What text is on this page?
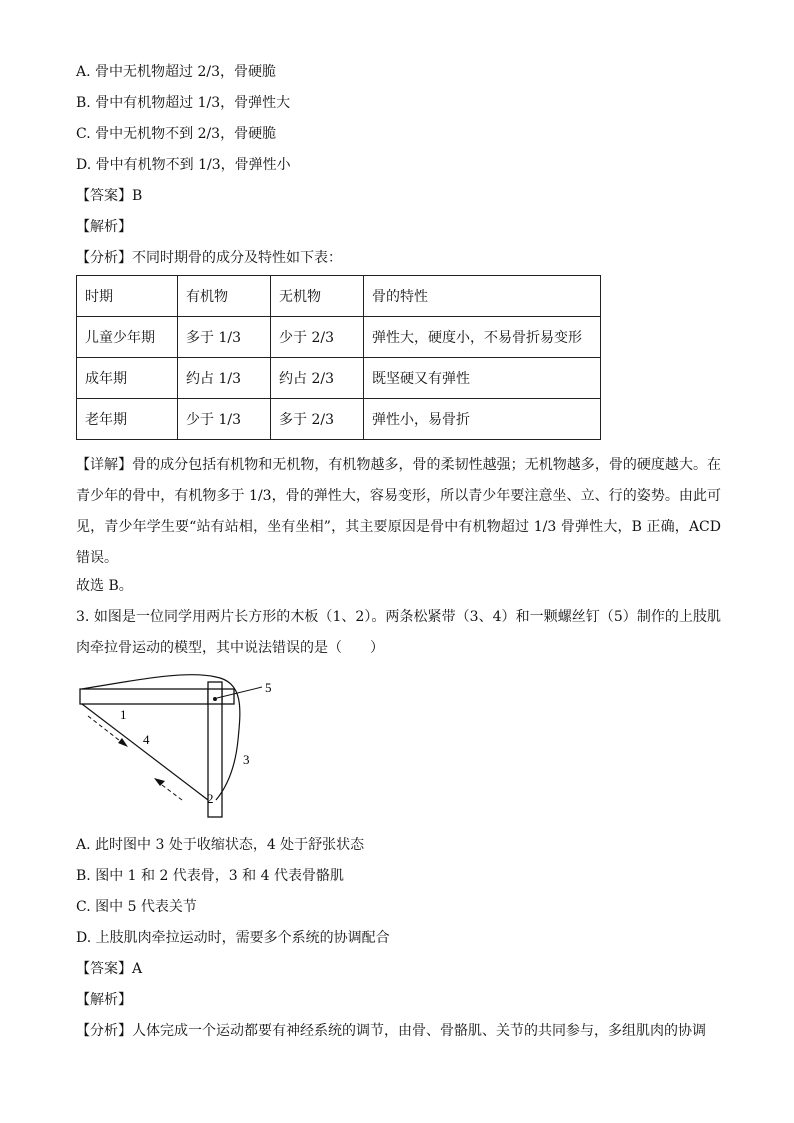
A. 骨中无机物超过 2/3，骨硬脆
B. 骨中有机物超过 1/3，骨弹性大
C. 骨中无机物不到 2/3，骨硬脆
D. 骨中有机物不到 1/3，骨弹性小
【答案】B
【解析】
【分析】不同时期骨的成分及特性如下表：
时期	有机物	无机物	骨的特性
儿童少年期	多于 1/3	少于 2/3	弹性大，硬度小，不易骨折易变形
成年期	约占 1/3	约占 2/3	既坚硬又有弹性
老年期	少于 1/3	多于 2/3	弹性小，易骨折
【详解】骨的成分包括有机物和无机物，有机物越多，骨的柔韧性越强；无机物越多，骨的硬度越大。在青少年的骨中，有机物多于 1/3，骨的弹性大，容易变形，所以青少年要注意坐、立、行的姿势。由此可见，青少年学生要“站有站相，坐有坐相”，其主要原因是骨中有机物超过 1/3 骨弹性大，B 正确，ACD 错误。
故选 B。
3. 如图是一位同学用两片长方形的木板（1、2）。两条松紧带（3、4）和一颗螺丝钉（5）制作的上肢肌肉牵拉骨运动的模型，其中说法错误的是（　　）
1
2
3
4
5
A. 此时图中 3 处于收缩状态，4 处于舒张状态
B. 图中 1 和 2 代表骨，3 和 4 代表骨骼肌
C. 图中 5 代表关节
D. 上肢肌肉牵拉运动时，需要多个系统的协调配合
【答案】A
【解析】
【分析】人体完成一个运动都要有神经系统的调节，由骨、骨骼肌、关节的共同参与，多组肌肉的协调
